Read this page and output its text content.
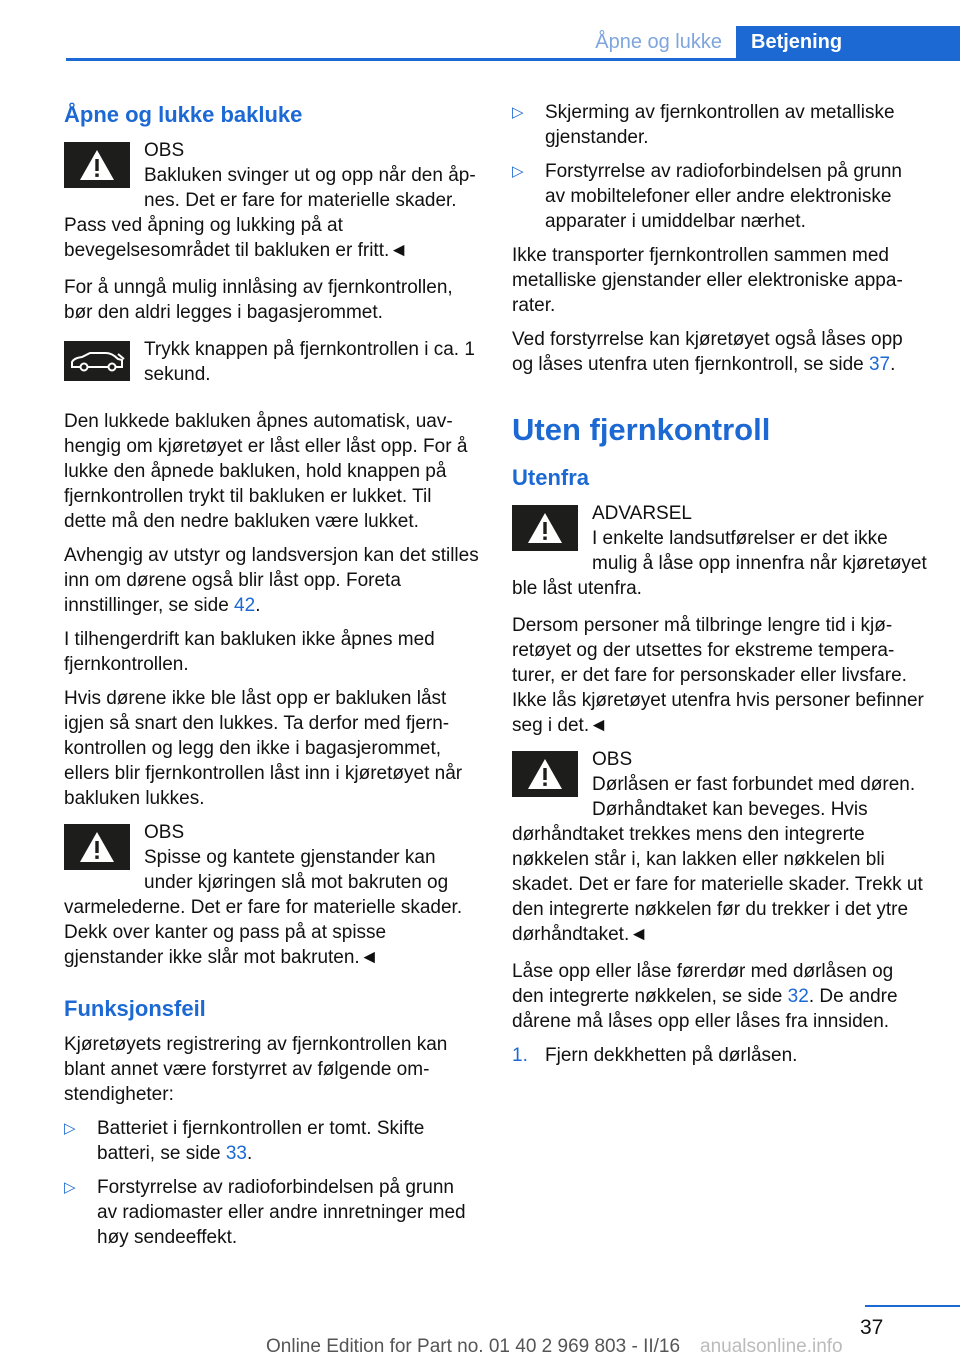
Åpne og lukke	Betjening
Åpne og lukke bakluke
OBS
Bakluken svinger ut og opp når den åpnes. Det er fare for materielle skader. Pass ved åpning og lukking på at bevegelsesområdet til bakluken er fritt.◄

For å unngå mulig innlåsing av fjernkontrollen, bør den aldri legges i bagasjerommet.

Trykk knappen på fjernkontrollen i ca. 1 sekund.

Den lukkede bakluken åpnes automatisk, uavhengig om kjøretøyet er låst eller låst opp. For å lukke den åpnede bakluken, hold knappen på fjernkontrollen trykt til bakluken er lukket. Til dette må den nedre bakluken være lukket.

Avhengig av utstyr og landsversjon kan det stilles inn om dørene også blir låst opp. Foreta innstillinger, se side 42.

I tilhengerdrift kan bakluken ikke åpnes med fjernkontrollen.

Hvis dørene ikke ble låst opp er bakluken låst igjen så snart den lukkes. Ta derfor med fjernkontrollen og legg den ikke i bagasjerommet, ellers blir fjernkontrollen låst inn i kjøretøyet når bakluken lukkes.

OBS
Spisse og kantete gjenstander kan under kjøringen slå mot bakruten og varmelederne. Det er fare for materielle skader. Dekk over kanter og pass på at spisse gjenstander ikke slår mot bakruten.◄
Funksjonsfeil

Kjøretøyets registrering av fjernkontrollen kan blant annet være forstyrret av følgende omstendigheter:

▷ Batteriet i fjernkontrollen er tomt. Skifte batteri, se side 33.
▷ Forstyrrelse av radioforbindelsen på grunn av radiomaster eller andre innretninger med høy sendeeffekt.
▷ Skjerming av fjernkontrollen av metalliske gjenstander.
▷ Forstyrrelse av radioforbindelsen på grunn av mobiltelefoner eller andre elektroniske apparater i umiddelbar nærhet.

Ikke transporter fjernkontrollen sammen med metalliske gjenstander eller elektroniske apparater.

Ved forstyrrelse kan kjøretøyet også låses opp og låses utenfra uten fjernkontroll, se side 37.

Uten fjernkontroll
Utenfra
ADVARSEL
I enkelte landsutførelser er det ikke mulig å låse opp innenfra når kjøretøyet ble låst utenfra.

Dersom personer må tilbringe lengre tid i kjøretøyet og der utsettes for ekstreme temperaturer, er det fare for personskader eller livsfare. Ikke lås kjøretøyet utenfra hvis personer befinner seg i det.◄

OBS
Dørlåsen er fast forbundet med døren. Dørhåndtaket kan beveges. Hvis dørhåndtaket trekkes mens den integrerte nøkkelen står i, kan lakken eller nøkkelen bli skadet. Det er fare for materielle skader. Trekk ut den integrerte nøkkelen før du trekker i det ytre dørhåndtaket.◄

Låse opp eller låse førerdør med dørlåsen og den integrerte nøkkelen, se side 32. De andre dårene må låses opp eller låses fra innsiden.

1. Fjern dekkhetten på dørlåsen.
37
Online Edition for Part no. 01 40 2 969 803 - II/16 anualsonline.info
